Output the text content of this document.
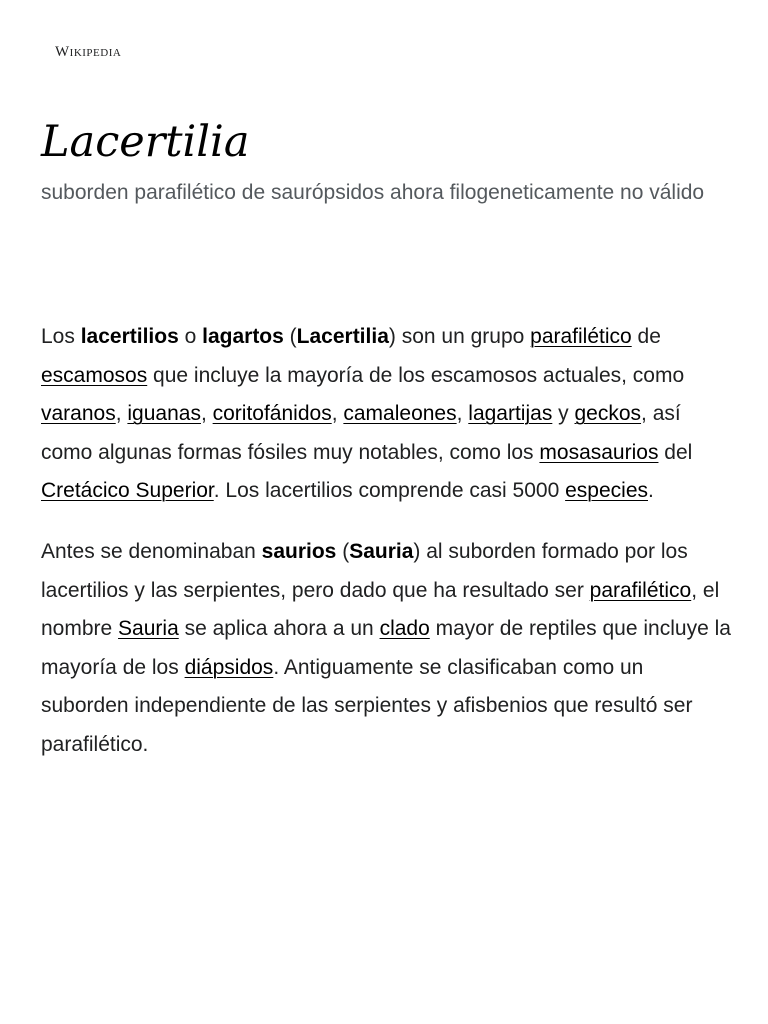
Wikipedia
Lacertilia

suborden parafilético de saurópsidos ahora filogeneticamente no válido

Los lacertilios o lagartos (Lacertilia) son un grupo parafilético de escamosos que incluye la mayoría de los escamosos actuales, como varanos, iguanas, coritofánidos, camaleones, lagartijas y geckos, así como algunas formas fósiles muy notables, como los mosasaurios del Cretácico Superior. Los lacertilios comprende casi 5000 especies.

Antes se denominaban saurios (Sauria) al suborden formado por los lacertilios y las serpientes, pero dado que ha resultado ser parafilético, el nombre Sauria se aplica ahora a un clado mayor de reptiles que incluye la mayoría de los diápsidos. Antiguamente se clasificaban como un suborden independiente de las serpientes y afisbenios que resultó ser parafilético.
